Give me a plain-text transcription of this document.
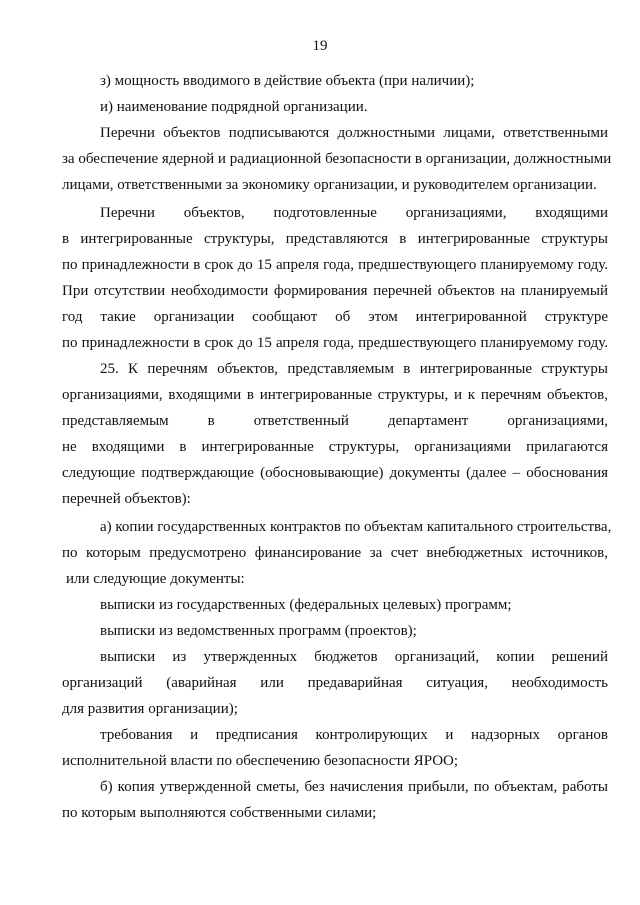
19
з) мощность вводимого в действие объекта (при наличии);
и) наименование подрядной организации.
Перечни объектов подписываются должностными лицами, ответственными
за обеспечение ядерной и радиационной безопасности в организации, должностными
лицами, ответственными за экономику организации, и руководителем организации.
Перечни объектов, подготовленные организациями, входящими
в интегрированные структуры, представляются в интегрированные структуры
по принадлежности в срок до 15 апреля года, предшествующего планируемому году.
При отсутствии необходимости формирования перечней объектов на планируемый
год такие организации сообщают об этом интегрированной структуре
по принадлежности в срок до 15 апреля года, предшествующего планируемому году.
25. К перечням объектов, представляемым в интегрированные структуры
организациями, входящими в интегрированные структуры, и к перечням объектов,
представляемым в ответственный департамент организациями,
не входящими в интегрированные структуры, организациями прилагаются
следующие подтверждающие (обосновывающие) документы (далее – обоснования
перечней объектов):
а) копии государственных контрактов по объектам капитального строительства,
по которым предусмотрено финансирование за счет внебюджетных источников,
или следующие документы:
выписки из государственных (федеральных целевых) программ;
выписки из ведомственных программ (проектов);
выписки из утвержденных бюджетов организаций, копии решений
организаций (аварийная или предаварийная ситуация, необходимость
для развития организации);
требования и предписания контролирующих и надзорных органов
исполнительной власти по обеспечению безопасности ЯРОО;
б) копия утвержденной сметы, без начисления прибыли, по объектам, работы
по которым выполняются собственными силами;
